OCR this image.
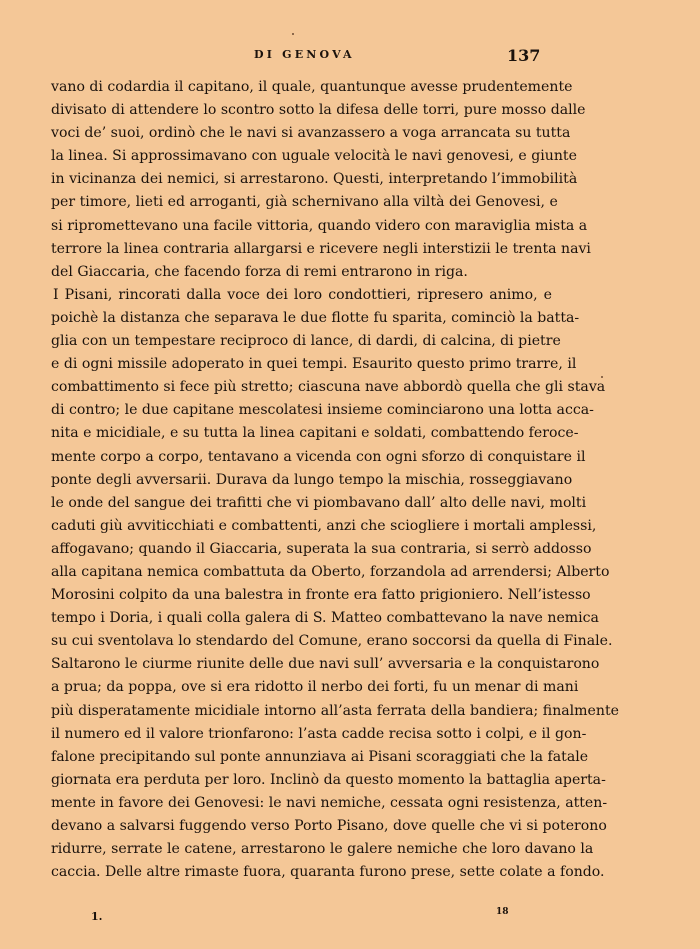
DI GENOVA	137
vano di codardia il capitano, il quale, quantunque avesse prudentemente
divisato di attendere lo scontro sotto la difesa delle torri, pure mosso dalle
voci de’ suoi, ordinò che le navi si avanzassero a voga arrancata su tutta
la linea. Si approssimavano con uguale velocità le navi genovesi, e giunte
in vicinanza dei nemici, si arrestarono. Questi, interpretando l’immobilità
per timore, lieti ed arroganti, già schernivano alla viltà dei Genovesi, e
si ripromettevano una facile vittoria, quando videro con maraviglia mista a
terrore la linea contraria allargarsi e ricevere negli interstizii le trenta navi
del Giaccaria, che facendo forza di remi entrarono in riga.
I Pisani, rincorati dalla voce dei loro condottieri, ripresero animo, e
poichè la distanza che separava le due flotte fu sparita, cominciò la batta-
glia con un tempestare reciproco di lance, di dardi, di calcina, di pietre
e di ogni missile adoperato in quei tempi. Esaurito questo primo trarre, il
combattimento si fece più stretto; ciascuna nave abbordò quella che gli stava
di contro; le due capitane mescolatesi insieme cominciarono una lotta acca-
nita e micidiale, e su tutta la linea capitani e soldati, combattendo feroce-
mente corpo a corpo, tentavano a vicenda con ogni sforzo di conquistare il
ponte degli avversarii. Durava da lungo tempo la mischia, rosseggiavano
le onde del sangue dei trafitti che vi piombavano dall’ alto delle navi, molti
caduti giù avviticchiati e combattenti, anzi che sciogliere i mortali amplessi,
affogavano; quando il Giaccaria, superata la sua contraria, si serrò addosso
alla capitana nemica combattuta da Oberto, forzandola ad arrendersi; Alberto
Morosini colpito da una balestra in fronte era fatto prigioniero. Nell’istesso
tempo i Doria, i quali colla galera di S. Matteo combattevano la nave nemica
su cui sventolava lo stendardo del Comune, erano soccorsi da quella di Finale.
Saltarono le ciurme riunite delle due navi sull’ avversaria e la conquistarono
a prua; da poppa, ove si era ridotto il nerbo dei forti, fu un menar di mani
più disperatamente micidiale intorno all’asta ferrata della bandiera; finalmente
il numero ed il valore trionfarono: l’asta cadde recisa sotto i colpi, e il gon-
falone precipitando sul ponte annunziava ai Pisani scoraggiati che la fatale
giornata era perduta per loro. Inclinò da questo momento la battaglia aperta-
mente in favore dei Genovesi: le navi nemiche, cessata ogni resistenza, atten-
devano a salvarsi fuggendo verso Porto Pisano, dove quelle che vi si poterono
ridurre, serrate le catene, arrestarono le galere nemiche che loro davano la
caccia. Delle altre rimaste fuora, quaranta furono prese, sette colate a fondo.
1.	18
